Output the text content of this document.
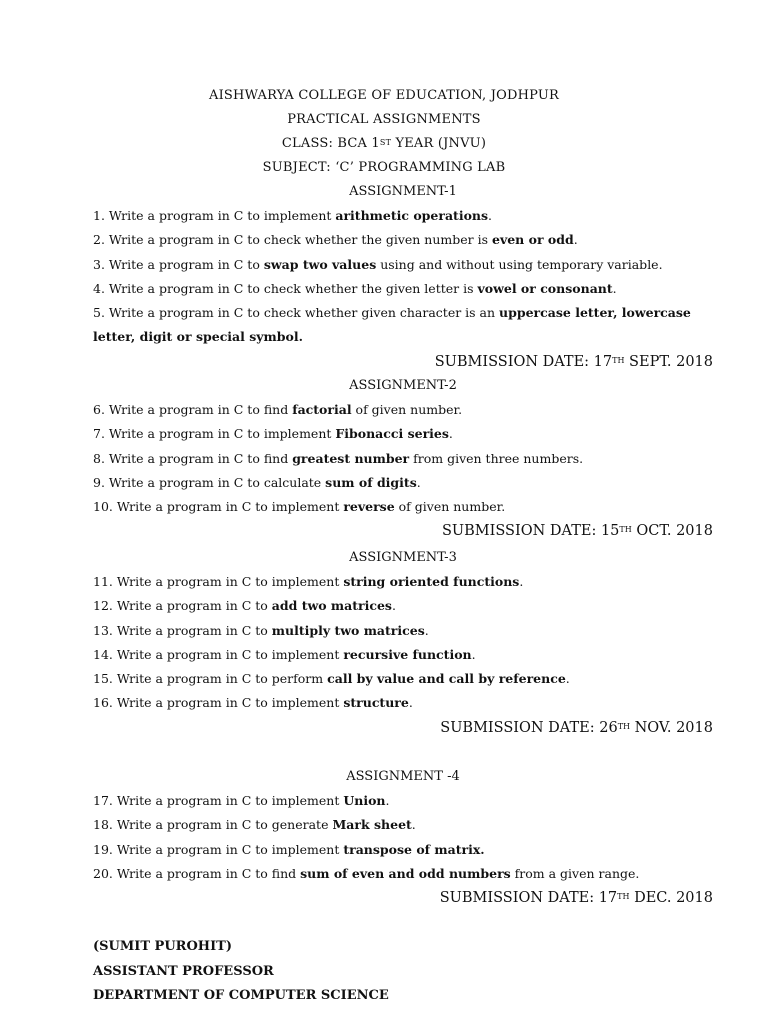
AISHWARYA COLLEGE OF EDUCATION, JODHPUR
PRACTICAL ASSIGNMENTS
CLASS: BCA 1ST YEAR (JNVU)
SUBJECT: ‘C’ PROGRAMMING LAB
ASSIGNMENT-1
1. Write a program in C to implement arithmetic operations.
2. Write a program in C to check whether the given number is even or odd.
3. Write a program in C to swap two values using and without using temporary variable.
4. Write a program in C to check whether the given letter is vowel or consonant.
5. Write a program in C to check whether given character is an uppercase letter, lowercase
letter, digit or special symbol.
SUBMISSION DATE: 17TH SEPT. 2018
ASSIGNMENT-2
6. Write a program in C to find factorial of given number.
7. Write a program in C to implement Fibonacci series.
8. Write a program in C to find greatest number from given three numbers.
9. Write a program in C to calculate sum of digits.
10. Write a program in C to implement reverse of given number.
SUBMISSION DATE: 15TH OCT. 2018
ASSIGNMENT-3
11. Write a program in C to implement string oriented functions.
12. Write a program in C to add two matrices.
13. Write a program in C to multiply two matrices.
14. Write a program in C to implement recursive function.
15. Write a program in C to perform call by value and call by reference.
16. Write a program in C to implement structure.
SUBMISSION DATE: 26TH NOV. 2018
ASSIGNMENT -4
17. Write a program in C to implement Union.
18. Write a program in C to generate Mark sheet.
19. Write a program in C to implement transpose of matrix.
20. Write a program in C to find sum of even and odd numbers from a given range.
SUBMISSION DATE: 17TH DEC. 2018
(SUMIT PUROHIT)
ASSISTANT PROFESSOR
DEPARTMENT OF COMPUTER SCIENCE
